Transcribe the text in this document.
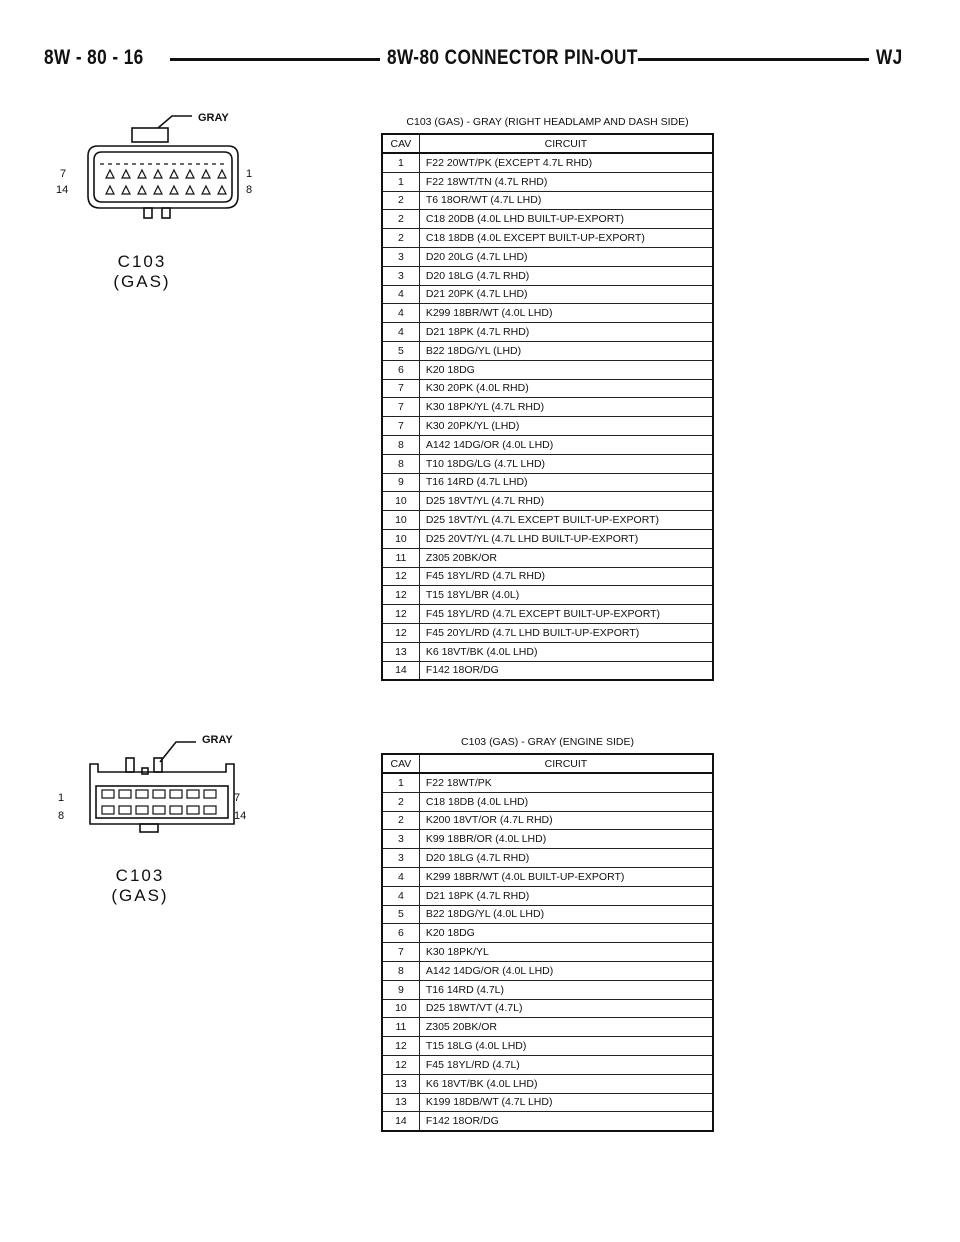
8W - 80 - 16	8W-80 CONNECTOR PIN-OUT	WJ
GRAY
7
14
1
8
C103
(GAS)
C103 (GAS) - GRAY (RIGHT HEADLAMP AND DASH SIDE)
CAV	CIRCUIT
1	F22 20WT/PK (EXCEPT 4.7L RHD)
1	F22 18WT/TN (4.7L RHD)
2	T6 18OR/WT (4.7L LHD)
2	C18 20DB (4.0L LHD BUILT-UP-EXPORT)
2	C18 18DB (4.0L EXCEPT BUILT-UP-EXPORT)
3	D20 20LG (4.7L LHD)
3	D20 18LG (4.7L RHD)
4	D21 20PK (4.7L LHD)
4	K299 18BR/WT (4.0L LHD)
4	D21 18PK (4.7L RHD)
5	B22 18DG/YL (LHD)
6	K20 18DG
7	K30 20PK (4.0L RHD)
7	K30 18PK/YL (4.7L RHD)
7	K30 20PK/YL (LHD)
8	A142 14DG/OR (4.0L LHD)
8	T10 18DG/LG (4.7L LHD)
9	T16 14RD (4.7L LHD)
10	D25 18VT/YL (4.7L RHD)
10	D25 18VT/YL (4.7L EXCEPT BUILT-UP-EXPORT)
10	D25 20VT/YL (4.7L LHD BUILT-UP-EXPORT)
11	Z305 20BK/OR
12	F45 18YL/RD (4.7L RHD)
12	T15 18YL/BR (4.0L)
12	F45 18YL/RD (4.7L EXCEPT BUILT-UP-EXPORT)
12	F45 20YL/RD (4.7L LHD BUILT-UP-EXPORT)
13	K6 18VT/BK (4.0L LHD)
14	F142 18OR/DG
GRAY
1
8
7
14
C103
(GAS)
C103 (GAS) - GRAY (ENGINE SIDE)
CAV	CIRCUIT
1	F22 18WT/PK
2	C18 18DB (4.0L LHD)
2	K200 18VT/OR (4.7L RHD)
3	K99 18BR/OR (4.0L LHD)
3	D20 18LG (4.7L RHD)
4	K299 18BR/WT (4.0L BUILT-UP-EXPORT)
4	D21 18PK (4.7L RHD)
5	B22 18DG/YL (4.0L LHD)
6	K20 18DG
7	K30 18PK/YL
8	A142 14DG/OR (4.0L LHD)
9	T16 14RD (4.7L)
10	D25 18WT/VT (4.7L)
11	Z305 20BK/OR
12	T15 18LG (4.0L LHD)
12	F45 18YL/RD (4.7L)
13	K6 18VT/BK (4.0L LHD)
13	K199 18DB/WT (4.7L LHD)
14	F142 18OR/DG
